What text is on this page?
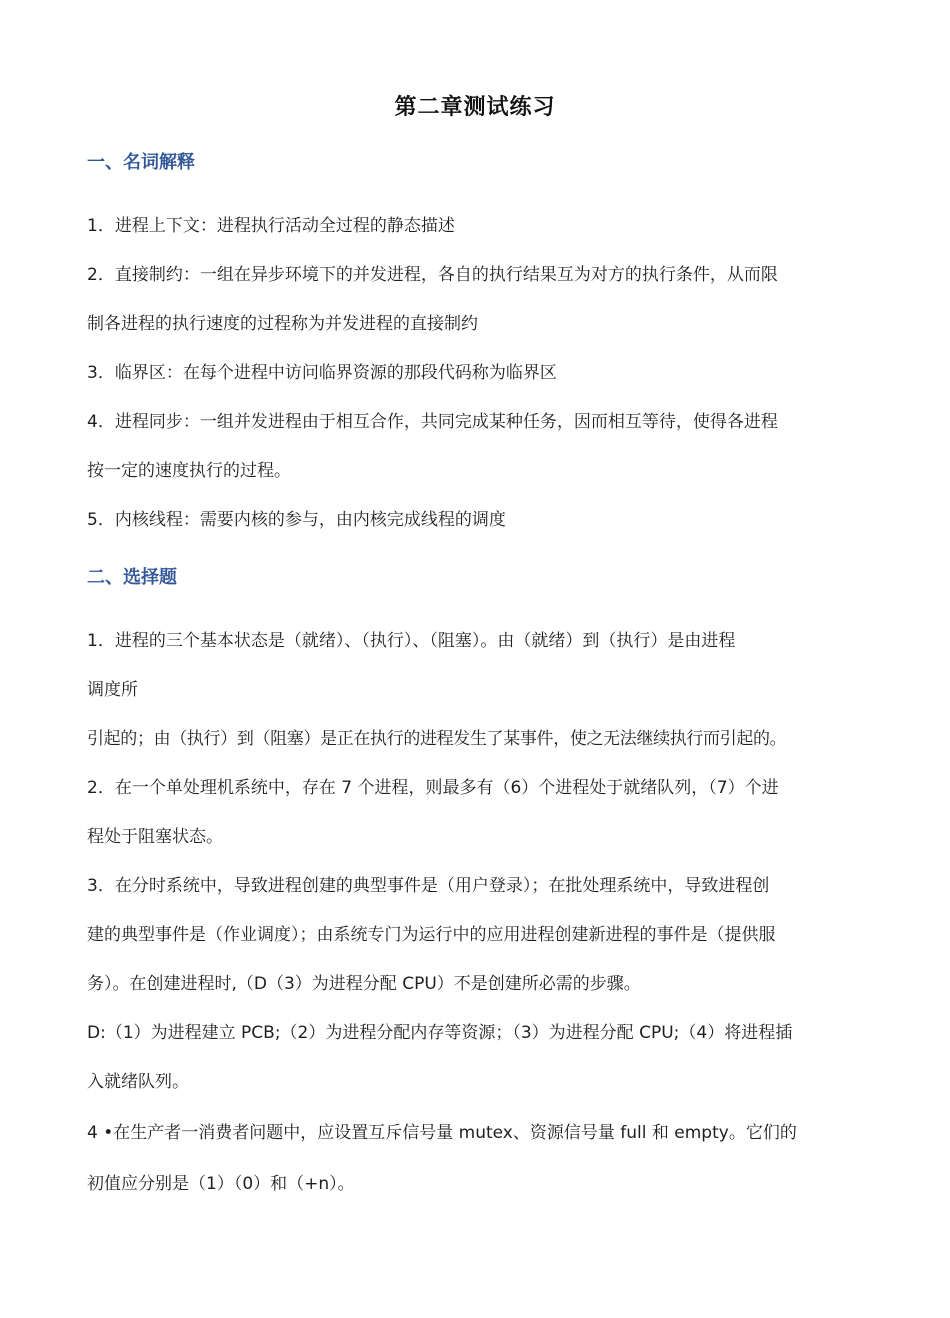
第二章测试练习
一、名词解释
1．进程上下文：进程执行活动全过程的静态描述
2．直接制约：一组在异步环境下的并发进程，各自的执行结果互为对方的执行条件，从而限
制各进程的执行速度的过程称为并发进程的直接制约
3．临界区：在每个进程中访问临界资源的那段代码称为临界区
4．进程同步：一组并发进程由于相互合作，共同完成某种任务，因而相互等待，使得各进程
按一定的速度执行的过程。
5．内核线程：需要内核的参与，由内核完成线程的调度
二、选择题
1．进程的三个基本状态是（就绪）、（执行）、（阻塞）。由（就绪）到（执行）是由进程
调度所
引起的；由（执行）到（阻塞）是正在执行的进程发生了某事件，使之无法继续执行而引起的。
2．在一个单处理机系统中，存在 7 个进程，则最多有（6）个进程处于就绪队列，（7）个进
程处于阻塞状态。
3．在分时系统中，导致进程创建的典型事件是（用户登录）；在批处理系统中，导致进程创
建的典型事件是（作业调度）；由系统专门为运行中的应用进程创建新进程的事件是（提供服
务）。在创建进程时,（D（3）为进程分配 CPU）不是创建所必需的步骤。
D:（1）为进程建立 PCB;（2）为进程分配内存等资源；（3）为进程分配 CPU;（4）将进程插
入就绪队列。
4 •在生产者一消费者问题中，应设置互斥信号量 mutex、资源信号量 full 和 empty。它们的
初值应分别是（1）（0）和（+n）。
